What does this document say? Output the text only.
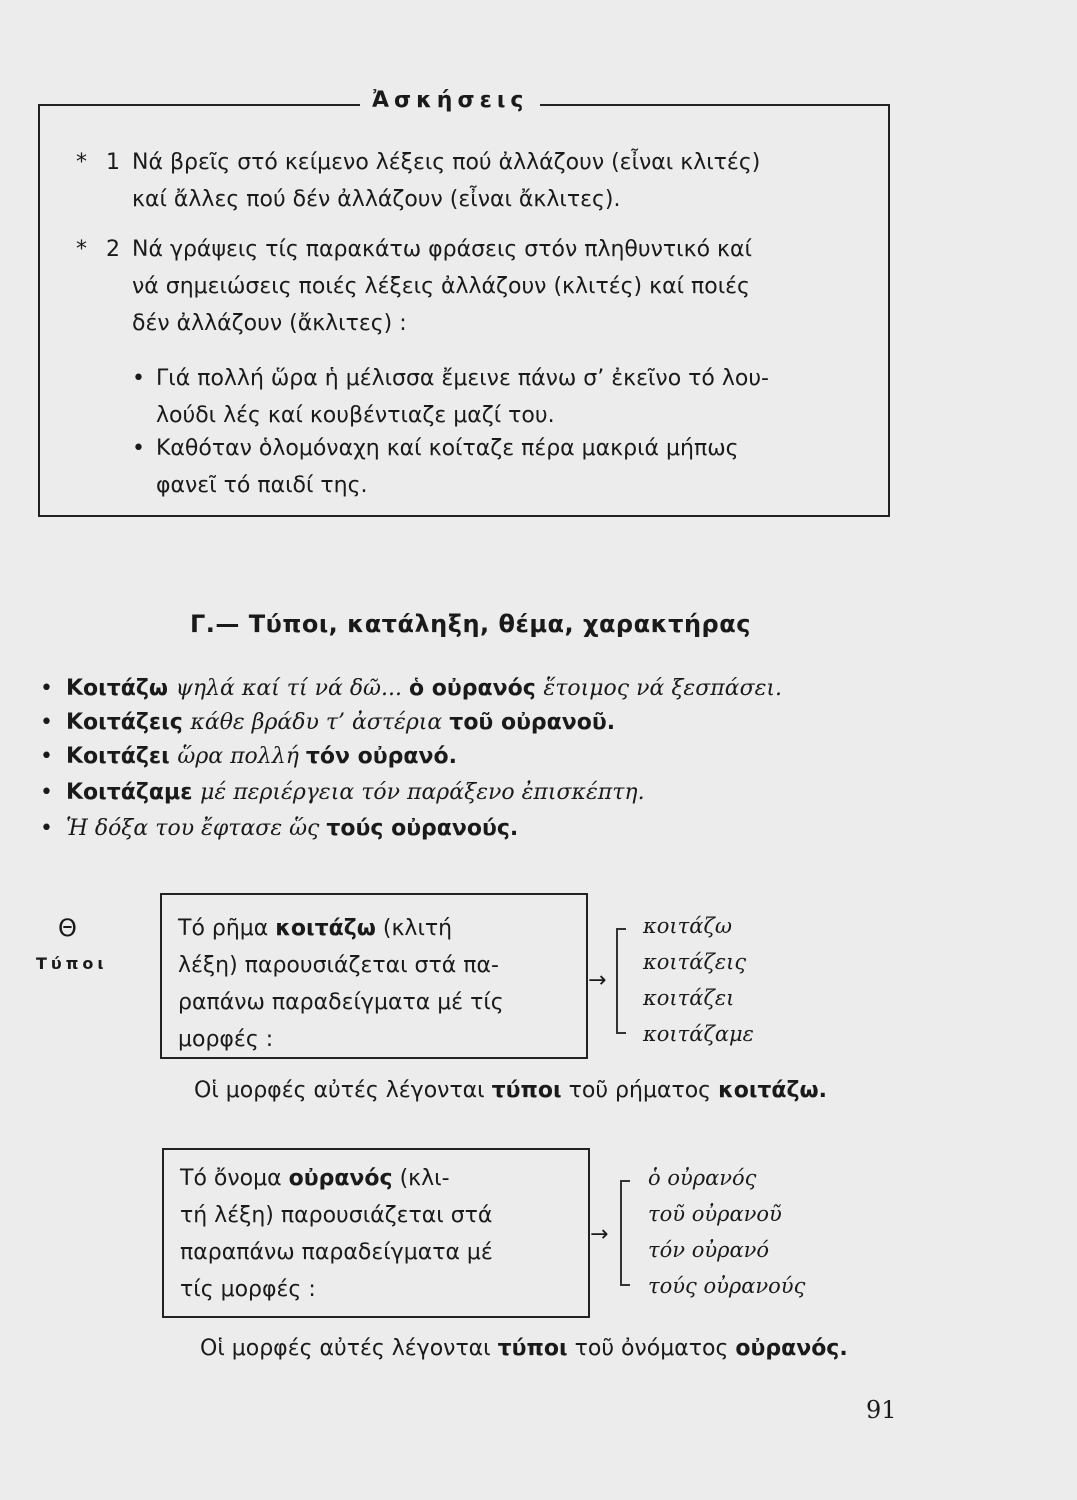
Ἀσκήσεις
* 1 Νά βρεῖς στό κείμενο λέξεις πού ἀλλάζουν (εἶναι κλιτές)
καί ἄλλες πού δέν ἀλλάζουν (εἶναι ἄκλιτες).
* 2 Νά γράψεις τίς παρακάτω φράσεις στόν πληθυντικό καί
νά σημειώσεις ποιές λέξεις ἀλλάζουν (κλιτές) καί ποιές
δέν ἀλλάζουν (ἄκλιτες) :
• Γιά πολλή ὥρα ἡ μέλισσα ἔμεινε πάνω σ’ ἐκεῖνο τό λου-
λούδι λές καί κουβέντιαζε μαζί του.
• Καθόταν ὁλομόναχη καί κοίταζε πέρα μακριά μήπως
φανεῖ τό παιδί της.
Γ.— Τύποι, κατάληξη, θέμα, χαρακτήρας
• Κοιτάζω ψηλά καί τί νά δῶ... ὁ οὐρανός ἕτοιμος νά ξεσπάσει.
• Κοιτάζεις κάθε βράδυ τ’ ἀστέρια τοῦ οὐρανοῦ.
• Κοιτάζει ὥρα πολλή τόν οὐρανό.
• Κοιτάζαμε μέ περιέργεια τόν παράξενο ἐπισκέπτη.
• Ἡ δόξα του ἔφτασε ὥς τούς οὐρανούς.
Θ
Τύποι
Τό ρῆμα κοιτάζω (κλιτή
λέξη) παρουσιάζεται στά πα-
ραπάνω παραδείγματα μέ τίς
μορφές :
→
κοιτάζω
κοιτάζεις
κοιτάζει
κοιτάζαμε
Οἱ μορφές αὐτές λέγονται τύποι τοῦ ρήματος κοιτάζω.
Τό ὄνομα οὐρανός (κλι-
τή λέξη) παρουσιάζεται στά
παραπάνω παραδείγματα μέ
τίς μορφές :
→
ὁ οὐρανός
τοῦ οὐρανοῦ
τόν οὐρανό
τούς οὐρανούς
Οἱ μορφές αὐτές λέγονται τύποι τοῦ ὀνόματος οὐρανός.
91
